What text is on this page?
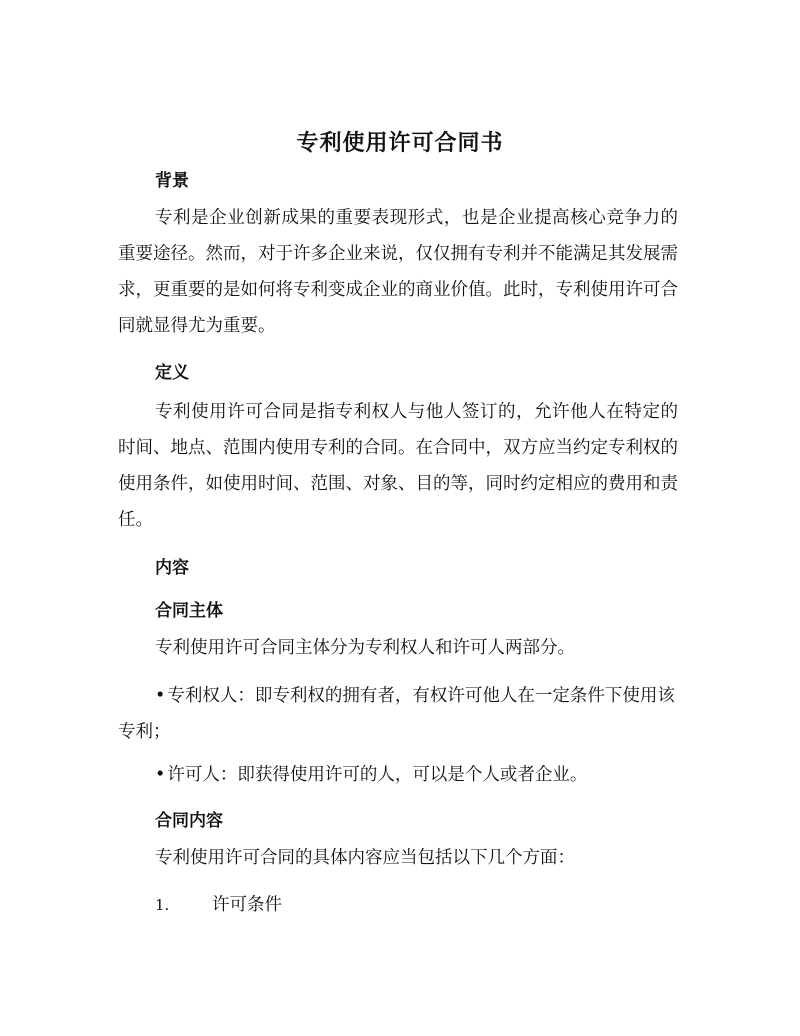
专利使用许可合同书
背景
专利是企业创新成果的重要表现形式，也是企业提高核心竞争力的重要途径。然而，对于许多企业来说，仅仅拥有专利并不能满足其发展需求，更重要的是如何将专利变成企业的商业价值。此时，专利使用许可合同就显得尤为重要。
定义
专利使用许可合同是指专利权人与他人签订的，允许他人在特定的时间、地点、范围内使用专利的合同。在合同中，双方应当约定专利权的使用条件，如使用时间、范围、对象、目的等，同时约定相应的费用和责任。
内容
合同主体
专利使用许可合同主体分为专利权人和许可人两部分。
• 专利权人：即专利权的拥有者，有权许可他人在一定条件下使用该专利；
• 许可人：即获得使用许可的人，可以是个人或者企业。
合同内容
专利使用许可合同的具体内容应当包括以下几个方面：
1. 许可条件
